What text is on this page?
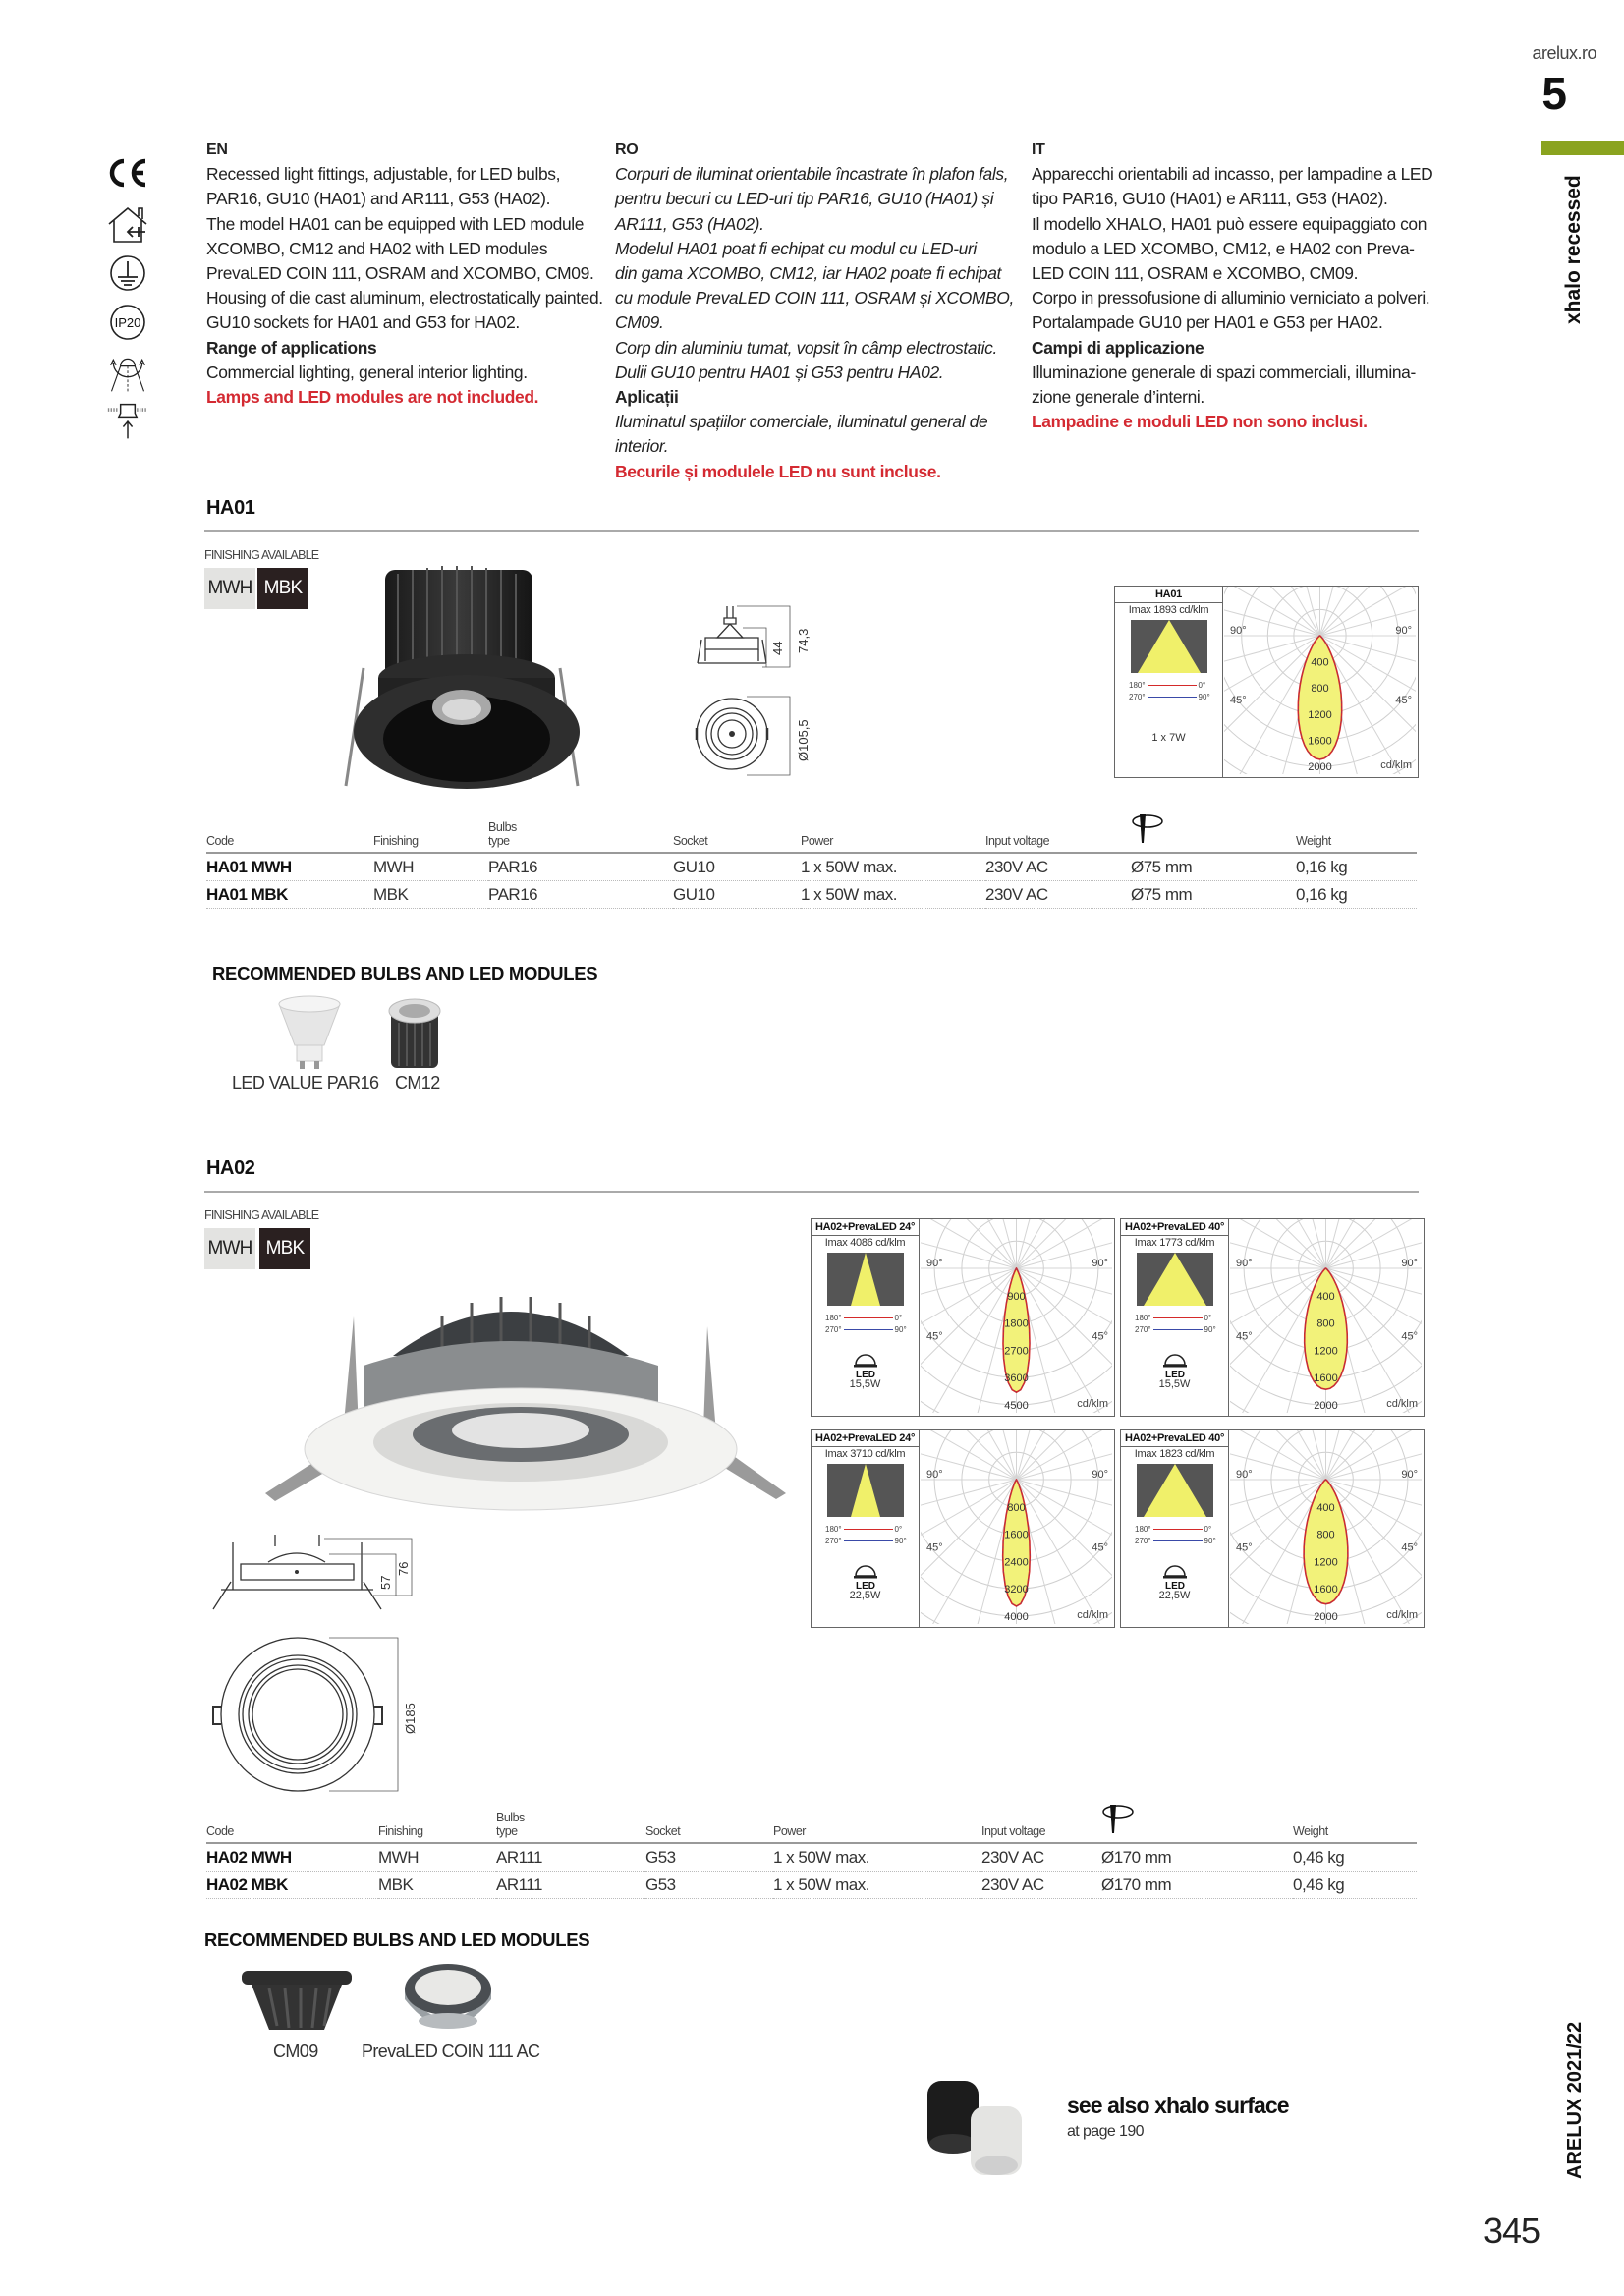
arelux.ro
5
xhalo recessed
ARELUX 2021/22
345
IP20
EN

Recessed light fittings, adjustable, for LED bulbs,
PAR16, GU10 (HA01) and AR111, G53 (HA02).
The model HA01 can be equipped with LED module
XCOMBO, CM12 and HA02 with LED modules
PrevaLED COIN 111, OSRAM and XCOMBO, CM09.
Housing of die cast aluminum, electrostatically painted.
GU10 sockets for HA01 and G53 for HA02.

Range of applications

Commercial lighting, general interior lighting.

Lamps and LED modules are not included.
RO

Corpuri de iluminat orientabile încastrate în plafon fals,
pentru becuri cu LED-uri tip PAR16, GU10 (HA01) și
AR111, G53 (HA02).
Modelul HA01 poat fi echipat cu modul cu LED-uri
din gama XCOMBO, CM12, iar HA02 poate fi echipat
cu module PrevaLED COIN 111, OSRAM și XCOMBO,
CM09.
Corp din aluminiu tumat, vopsit în câmp electrostatic.
Dulii GU10 pentru HA01 și G53 pentru HA02.

Aplicații

Iluminatul spațiilor comerciale, iluminatul general de
interior.

Becurile și modulele LED nu sunt incluse.
IT

Apparecchi orientabili ad incasso, per lampadine a LED
tipo PAR16, GU10 (HA01) e AR111, G53 (HA02).
Il modello XHALO, HA01 può essere equipaggiato con
modulo a LED XCOMBO, CM12, e HA02 con Preva-
LED COIN 111, OSRAM e XCOMBO, CM09.
Corpo in pressofusione di alluminio verniciato a polveri.
Portalampade GU10 per HA01 e G53 per HA02.

Campi di applicazione

Illuminazione generale di spazi commerciali, illumina-
zione generale d’interni.

Lampadine e moduli LED non sono inclusi.
HA01
FINISHING AVAILABLE
MWH MBK
44 74,3
Ø105,5
HA01
Imax 1893 cd/klm
180°	0°
270°	90°
1 x 7W
400
800
1200
1600
2000
90°	90°
45°	45°
cd/klm
HA02+PrevaLED 24°
Imax 4086 cd/klm
180°	0°
270°	90°
LED
15,5W
900
1800
2700
3600
4500
90°	90°
45°	45°
cd/klm
HA02+PrevaLED 40°
Imax 1773 cd/klm
180°	0°
270°	90°
LED
15,5W
400
800
1200
1600
2000
90°	90°
45°	45°
cd/klm
HA02+PrevaLED 24°
Imax 3710 cd/klm
180°	0°
270°	90°
LED
22,5W
800
1600
2400
3200
4000
90°	90°
45°	45°
cd/klm
HA02+PrevaLED 40°
Imax 1823 cd/klm
180°	0°
270°	90°
LED
22,5W
400
800
1200
1600
2000
90°	90°
45°	45°
cd/klm
Code	Finishing	Bulbs
type	Socket	Power	Input voltage		Weight
HA01 MWH	MWH	PAR16	GU10	1 x 50W max.	230V AC	Ø75 mm	0,16 kg
HA01 MBK	MBK	PAR16	GU10	1 x 50W max.	230V AC	Ø75 mm	0,16 kg
RECOMMENDED BULBS AND LED MODULES
LED VALUE PAR16 CM12
HA02
FINISHING AVAILABLE
MWH MBK
57
76
Ø185
Code	Finishing	Bulbs
type	Socket	Power	Input voltage		Weight
HA02 MWH	MWH	AR111	G53	1 x 50W max.	230V AC	Ø170 mm	0,46 kg
HA02 MBK	MBK	AR111	G53	1 x 50W max.	230V AC	Ø170 mm	0,46 kg
RECOMMENDED BULBS AND LED MODULES
CM09 PrevaLED COIN 111 AC
see also xhalo surface
at page 190
